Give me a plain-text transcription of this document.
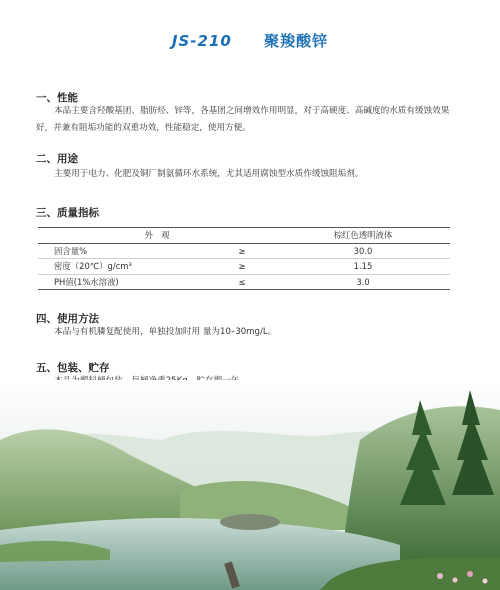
JS-210 聚羧酸锌
一、性能
本品主要含羟酸基团、脂肪烃、锌等，各基团之间增效作用明显，对于高硬度、高碱度的水质有缓蚀效果好，并兼有阻垢功能的双重功效，性能稳定，使用方便。
二、用途
主要用于电力、化肥及铜厂制氨循环水系统，尤其适用腐蚀型水质作缓蚀阻垢剂。
三、质量指标
外　观		棕红色透明液体
固含量%	≥	30.0
密度（20℃）g/cm³	≥	1.15
PH值(1%水溶液)	≤	3.0
四、使用方法
本品与有机膦复配使用，单独投加时用 量为10–30mg/L。
五、包装、贮存
